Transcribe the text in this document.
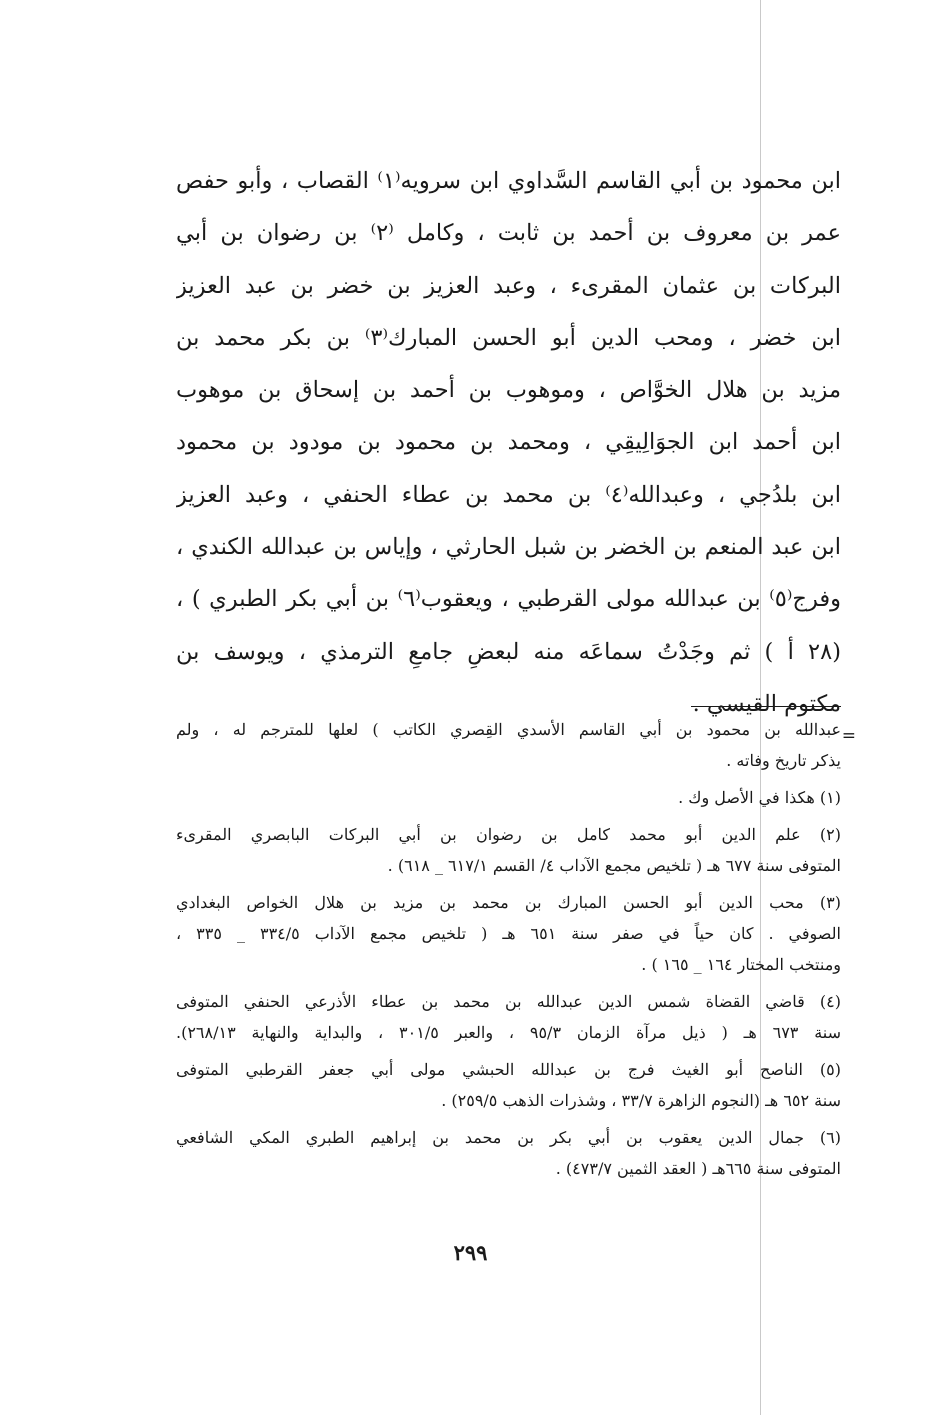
ابن محمود بن أبي القاسم السَّداوي ابن سرويه⁽١⁾ القصاب ، وأبو حفص
عمر بن معروف بن أحمد بن ثابت ، وكامل ⁽٢⁾ بن رضوان بن أبي
البركات بن عثمان المقرىء ، وعبد العزيز بن خضر بن عبد العزيز
ابن خضر ، ومحب الدين أبو الحسن المبارك⁽٣⁾ بن بكر محمد بن
مزيد بن هلال الخوَّاص ، وموهوب بن أحمد بن إسحاق بن موهوب
ابن أحمد ابن الجوَالِيقِي ، ومحمد بن محمود بن مودود بن محمود
ابن بلدُجي ، وعبدالله⁽٤⁾ بن محمد بن عطاء الحنفي ، وعبد العزيز
ابن عبد المنعم بن الخضر بن شبل الحارثي ، وإياس بن عبدالله الكندي ،
وفرج⁽٥⁾ بن عبدالله مولى القرطبي ، ويعقوب⁽٦⁾ بن أبي بكر الطبري ) ،
(٢٨ أ ) ثم وجَدْتُ سماعَه منه لبعضِ جامعِ الترمذي ، ويوسف بن
مكتوم القيسي .
=
عبدالله بن محمود بن أبي القاسم الأسدي القِصري الكاتب ) لعلها للمترجم له ، ولم
يذكر تاريخ وفاته .
(١) هكذا في الأصل وك .
(٢) علم الدين أبو محمد كامل بن رضوان بن أبي البركات البابصري المقرىء
المتوفى سنة ٦٧٧ هـ ( تلخيص مجمع الآداب ٤/ القسم ٦١٧/١ _ ٦١٨) .
(٣) محب الدين أبو الحسن المبارك بن محمد بن مزيد بن هلال الخواص البغدادي
الصوفي . كان حياً في صفر سنة ٦٥١ هـ ( تلخيص مجمع الآداب ٣٣٤/٥ _ ٣٣٥ ،
ومنتخب المختار ١٦٤ _ ١٦٥ ) .
(٤) قاضي القضاة شمس الدين عبدالله بن محمد بن عطاء الأذرعي الحنفي المتوفى
سنة ٦٧٣ هـ ( ذيل مرآة الزمان ٩٥/٣ ، والعبر ٣٠١/٥ ، والبداية والنهاية ٢٦٨/١٣).
(٥) الناصح أبو الغيث فرج بن عبدالله الحبشي مولى أبي جعفر القرطبي المتوفى
سنة ٦٥٢ هـ (النجوم الزاهرة ٣٣/٧ ، وشذرات الذهب ٢٥٩/٥) .
(٦) جمال الدين يعقوب بن أبي بكر بن محمد بن إبراهيم الطبري المكي الشافعي
المتوفى سنة ٦٦٥هـ ( العقد الثمين ٤٧٣/٧) .
٢٩٩
